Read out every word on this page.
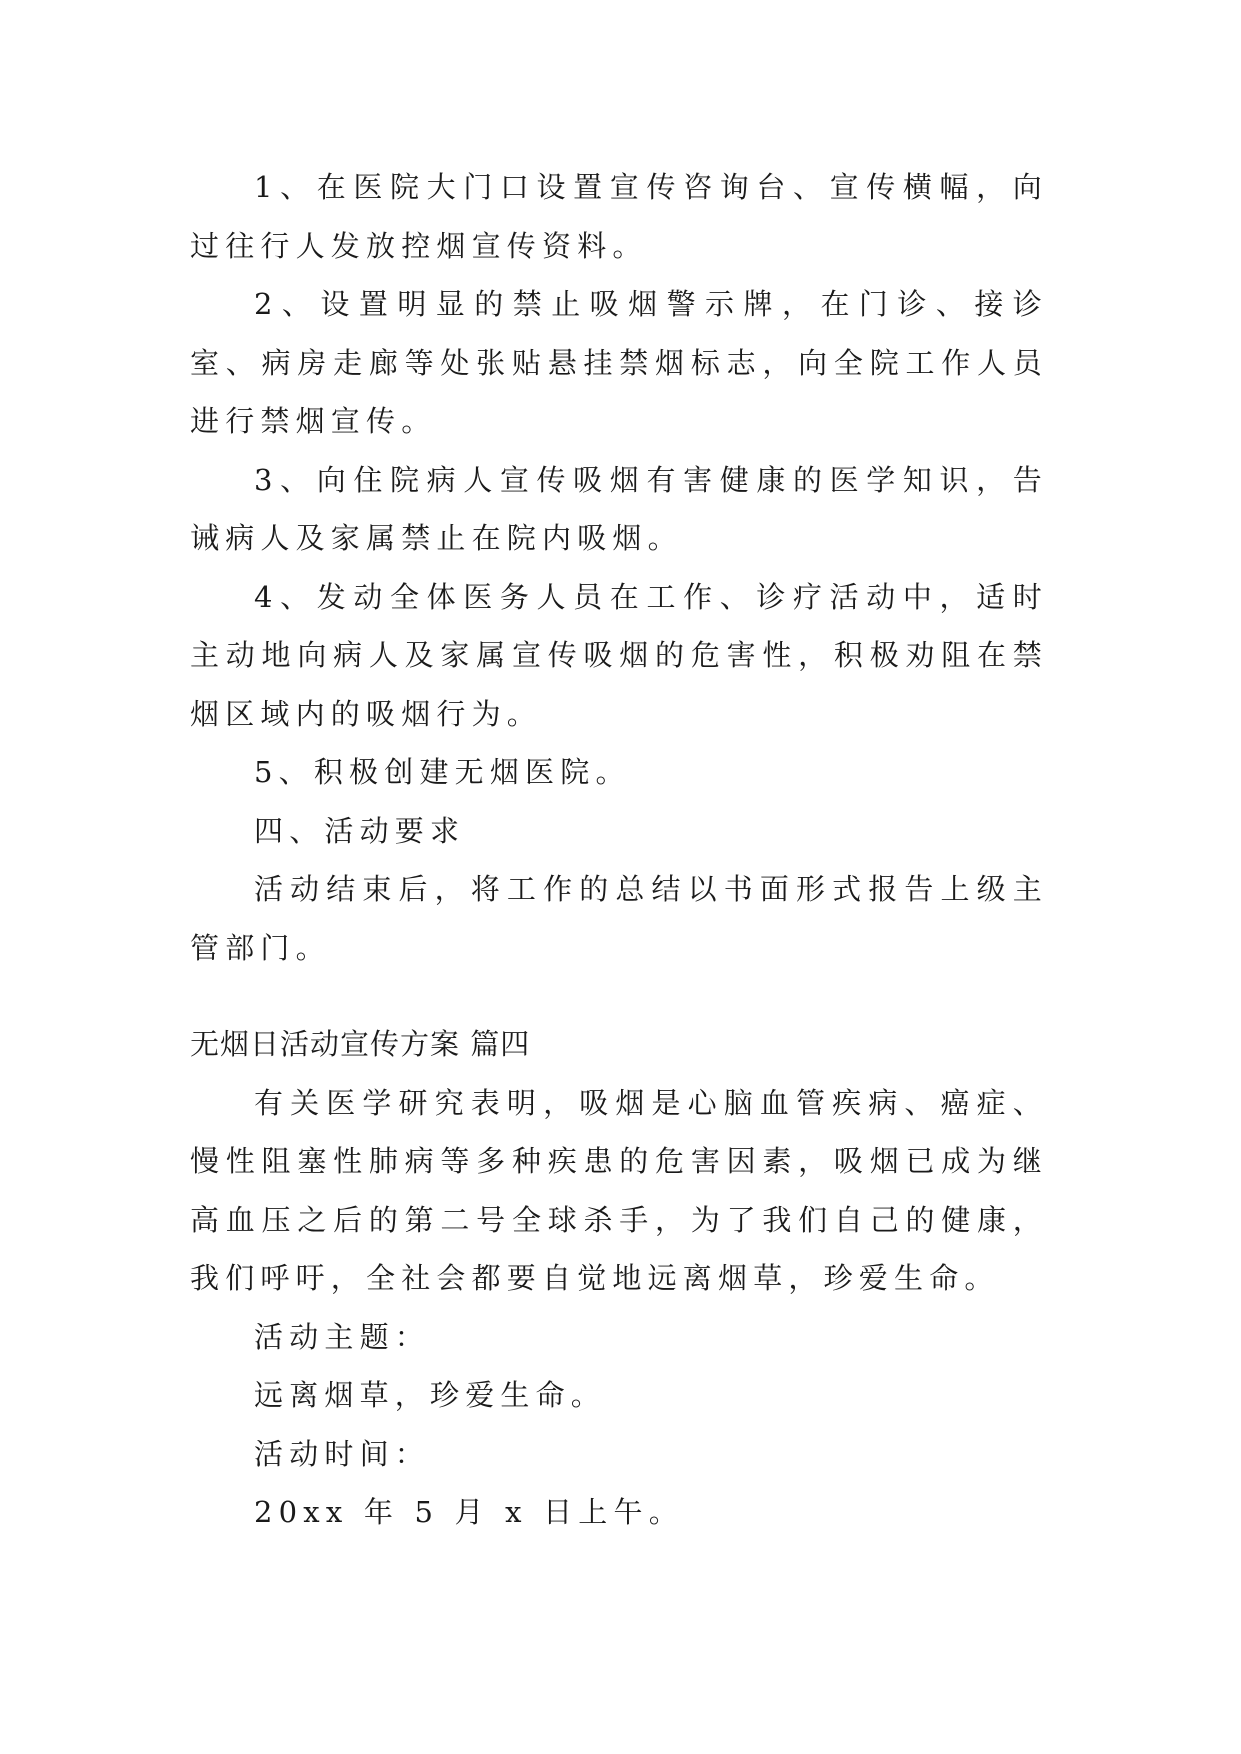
1、在医院大门口设置宣传咨询台、宣传横幅，向过往行人发放控烟宣传资料。

2、设置明显的禁止吸烟警示牌，在门诊、接诊室、病房走廊等处张贴悬挂禁烟标志，向全院工作人员进行禁烟宣传。

3、向住院病人宣传吸烟有害健康的医学知识，告诫病人及家属禁止在院内吸烟。

4、发动全体医务人员在工作、诊疗活动中，适时主动地向病人及家属宣传吸烟的危害性，积极劝阻在禁烟区域内的吸烟行为。

5、积极创建无烟医院。

四、活动要求

活动结束后，将工作的总结以书面形式报告上级主管部门。

无烟日活动宣传方案 篇四

有关医学研究表明，吸烟是心脑血管疾病、癌症、慢性阻塞性肺病等多种疾患的危害因素，吸烟已成为继高血压之后的第二号全球杀手，为了我们自己的健康，我们呼吁，全社会都要自觉地远离烟草，珍爱生命。

活动主题：

远离烟草，珍爱生命。

活动时间：

20xx 年 5 月 x 日上午。
